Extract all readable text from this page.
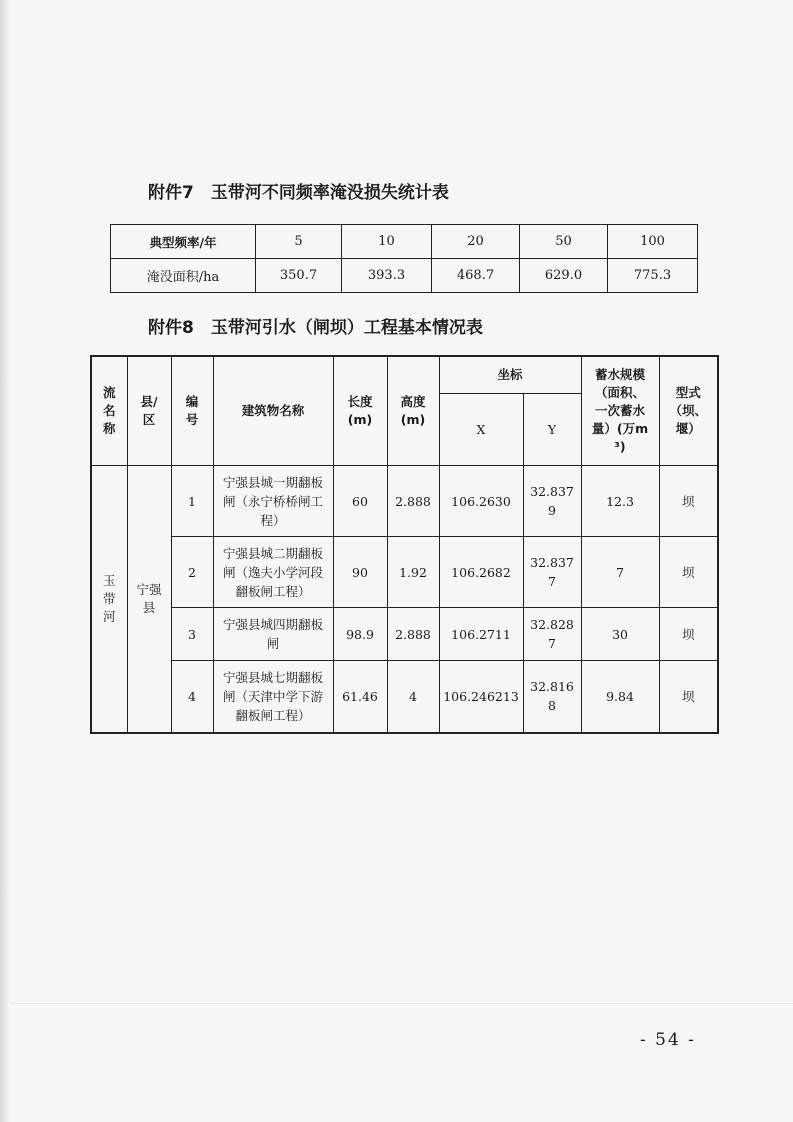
附件7　玉带河不同频率淹没损失统计表
典型频率/年	5	10	20	50	100
淹没面积/ha	350.7	393.3	468.7	629.0	775.3
附件8　玉带河引水（闸坝）工程基本情况表
流名称	县/区	编号	建筑物名称	长度(m)	高度(m)	坐标		蓄水规模（面积、一次蓄水量）(万m³)	型式（坝、堰）
						X	Y		
玉带河	宁强县	1	宁强县城一期翻板闸（永宁桥桥闸工程）	60	2.888	106.2630	32.8379	12.3	坝
		2	宁强县城二期翻板闸（逸夫小学河段翻板闸工程）	90	1.92	106.2682	32.8377	7	坝
		3	宁强县城四期翻板闸	98.9	2.888	106.2711	32.8287	30	坝
		4	宁强县城七期翻板闸（天津中学下游翻板闸工程）	61.46	4	106.246213	32.8168	9.84	坝
- 54 -
